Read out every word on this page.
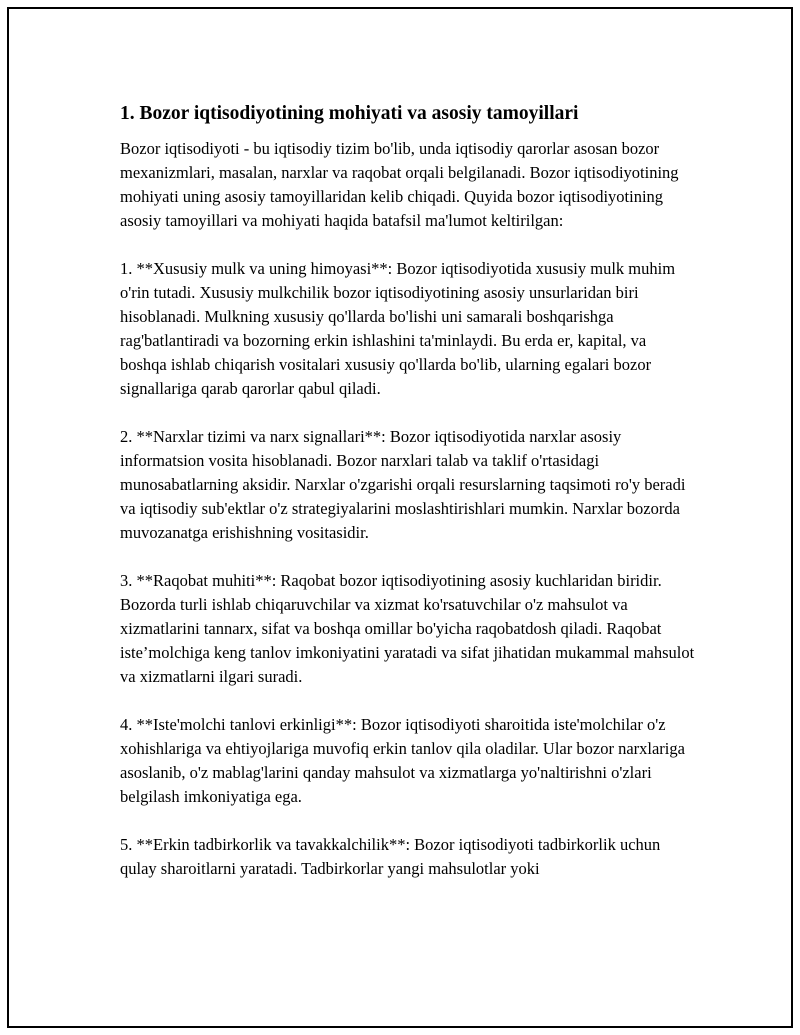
1. Bozor iqtisodiyotining mohiyati va asosiy tamoyillari

Bozor iqtisodiyoti - bu iqtisodiy tizim bo'lib, unda iqtisodiy qarorlar asosan bozor mexanizmlari, masalan, narxlar va raqobat orqali belgilanadi. Bozor iqtisodiyotining mohiyati uning asosiy tamoyillaridan kelib chiqadi. Quyida bozor iqtisodiyotining asosiy tamoyillari va mohiyati haqida batafsil ma'lumot keltirilgan:

1. **Xususiy mulk va uning himoyasi**: Bozor iqtisodiyotida xususiy mulk muhim o'rin tutadi. Xususiy mulkchilik bozor iqtisodiyotining asosiy unsurlaridan biri hisoblanadi. Mulkning xususiy qo'llarda bo'lishi uni samarali boshqarishga rag'batlantiradi va bozorning erkin ishlashini ta'minlaydi. Bu erda er, kapital, va boshqa ishlab chiqarish vositalari xususiy qo'llarda bo'lib, ularning egalari bozor signallariga qarab qarorlar qabul qiladi.

2. **Narxlar tizimi va narx signallari**: Bozor iqtisodiyotida narxlar asosiy informatsion vosita hisoblanadi. Bozor narxlari talab va taklif o'rtasidagi munosabatlarning aksidir. Narxlar o'zgarishi orqali resurslarning taqsimoti ro'y beradi va iqtisodiy sub'ektlar o'z strategiyalarini moslashtirishlari mumkin. Narxlar bozorda muvozanatga erishishning vositasidir.

3. **Raqobat muhiti**: Raqobat bozor iqtisodiyotining asosiy kuchlaridan biridir. Bozorda turli ishlab chiqaruvchilar va xizmat ko'rsatuvchilar o'z mahsulot va xizmatlarini tannarx, sifat va boshqa omillar bo'yicha raqobatdosh qiladi. Raqobat iste’molchiga keng tanlov imkoniyatini yaratadi va sifat jihatidan mukammal mahsulot va xizmatlarni ilgari suradi.

4. **Iste'molchi tanlovi erkinligi**: Bozor iqtisodiyoti sharoitida iste'molchilar o'z xohishlariga va ehtiyojlariga muvofiq erkin tanlov qila oladilar. Ular bozor narxlariga asoslanib, o'z mablag'larini qanday mahsulot va xizmatlarga yo'naltirishni o'zlari belgilash imkoniyatiga ega.

5. **Erkin tadbirkorlik va tavakkalchilik**: Bozor iqtisodiyoti tadbirkorlik uchun qulay sharoitlarni yaratadi. Tadbirkorlar yangi mahsulotlar yoki
